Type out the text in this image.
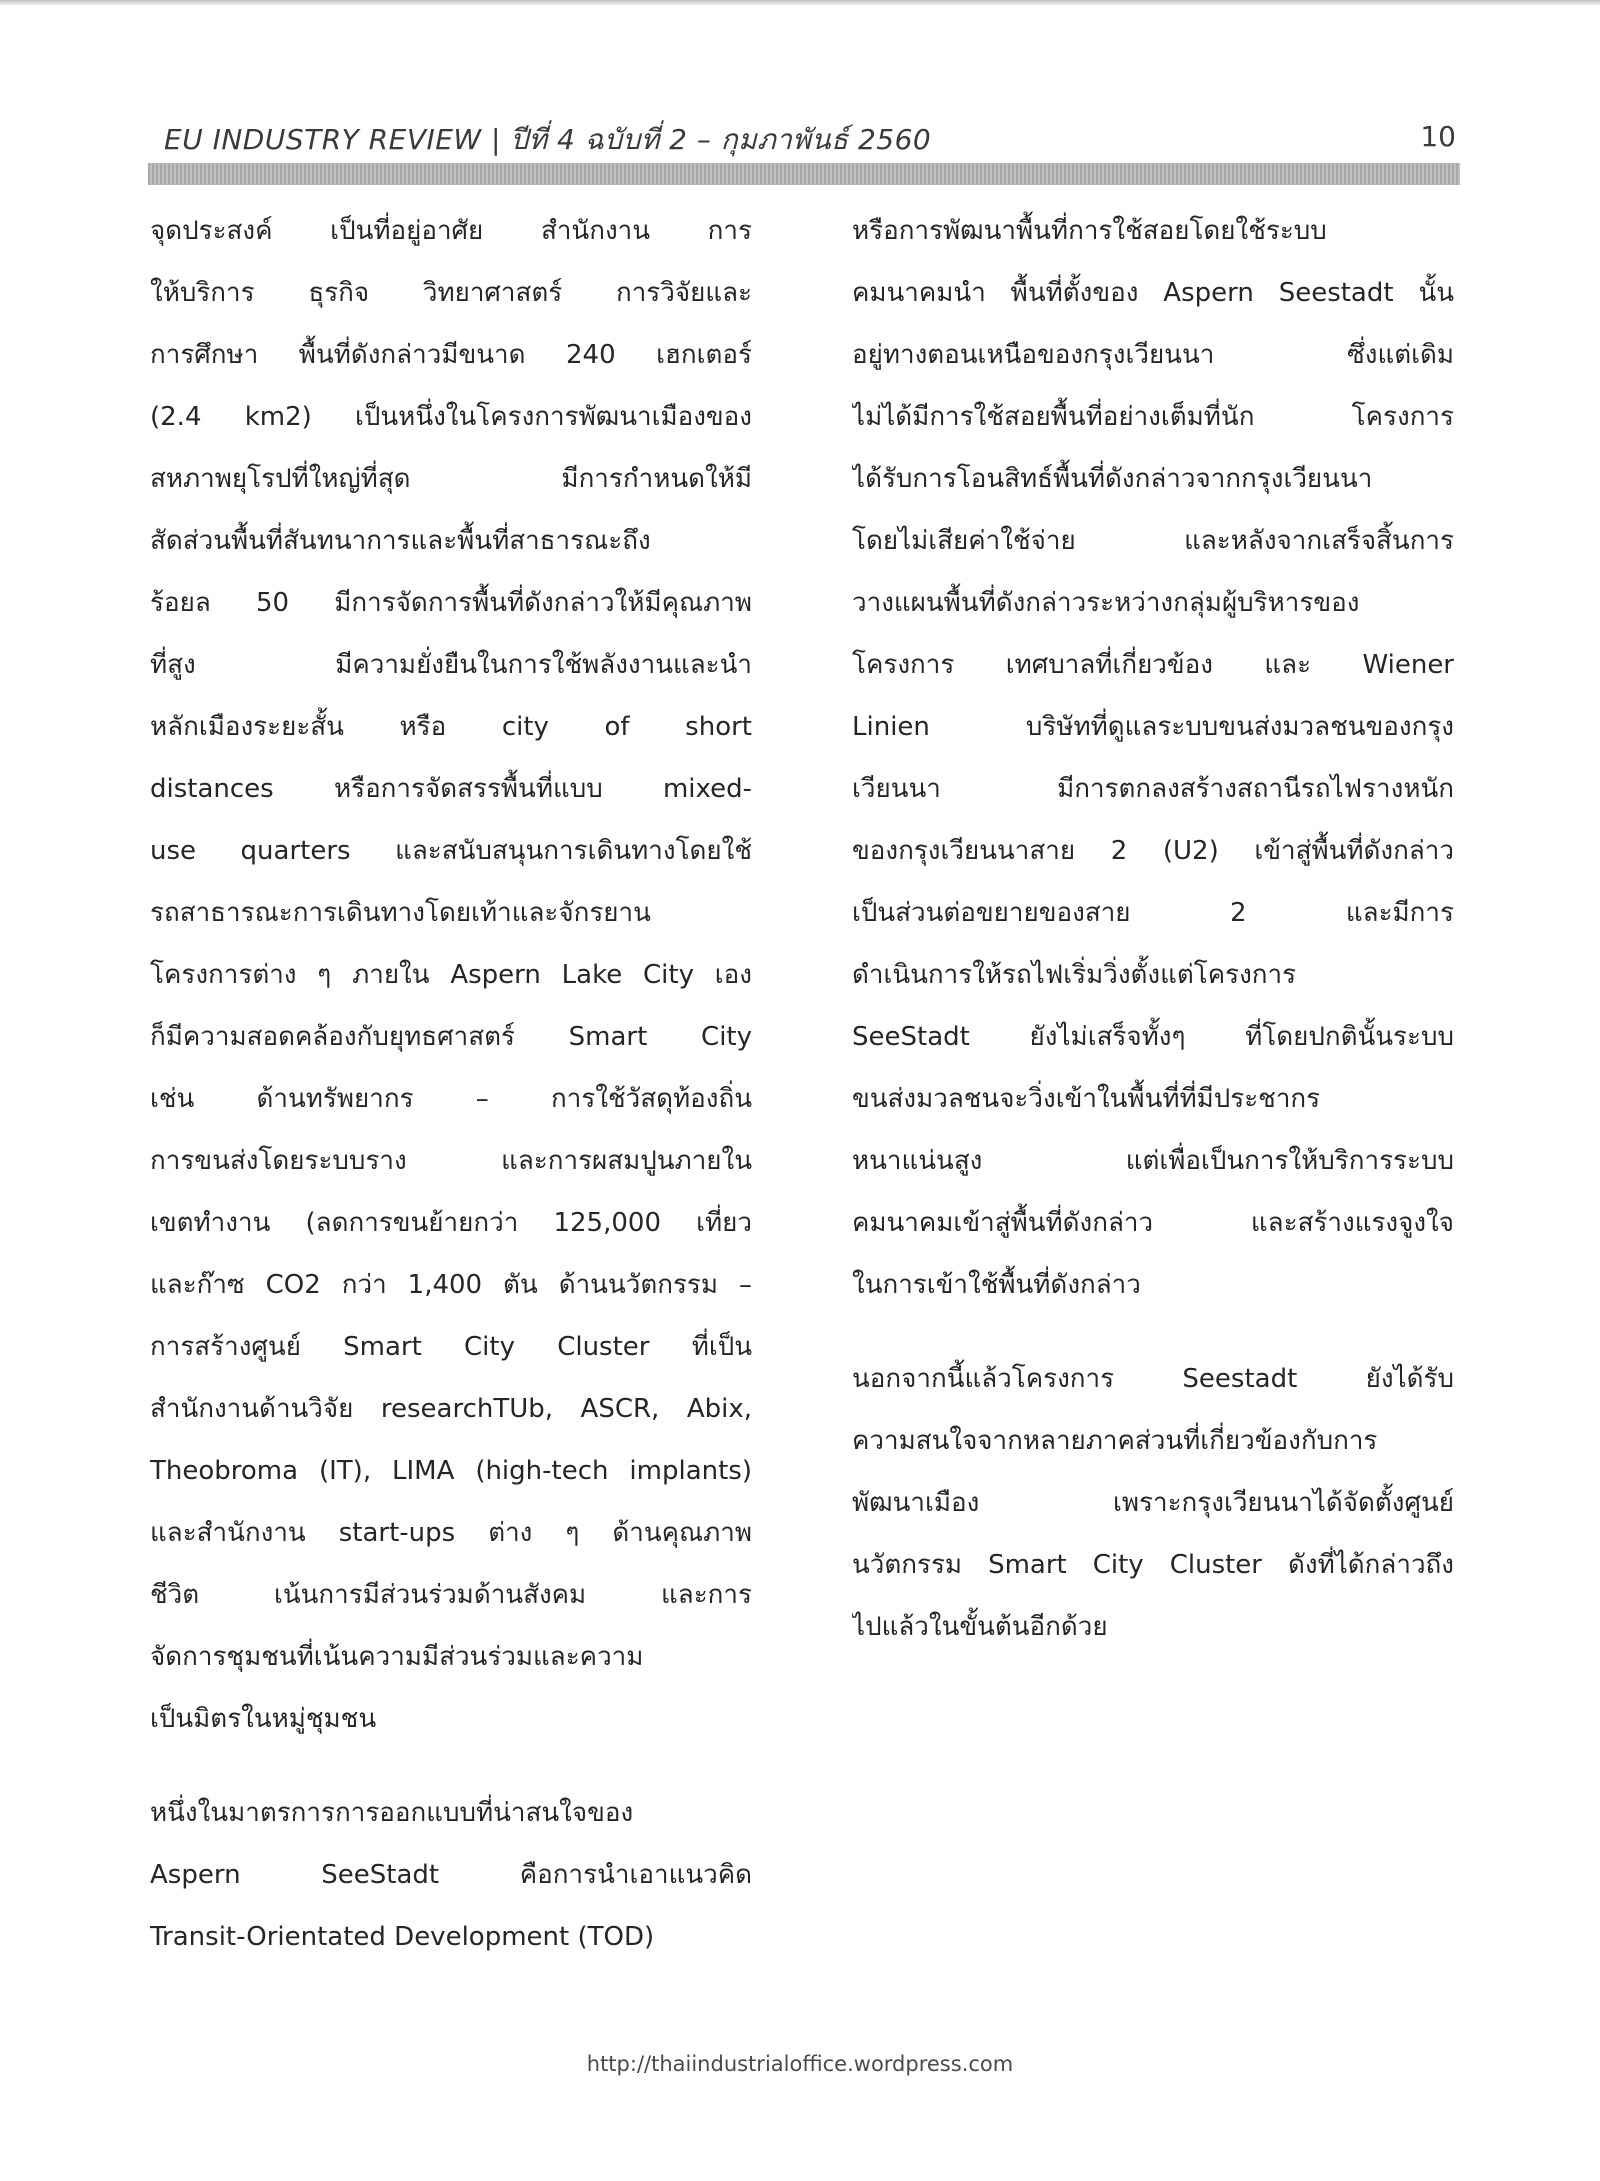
EU INDUSTRY REVIEW | ปีที่ 4 ฉบับที่ 2 – กุมภาพันธ์ 2560	10
จุดประสงค์ เป็นที่อยู่อาศัย สำนักงาน การ
ให้บริการ ธุรกิจ วิทยาศาสตร์ การวิจัยและ
การศึกษา พื้นที่ดังกล่าวมีขนาด 240 เฮกเตอร์
(2.4 km2) เป็นหนึ่งในโครงการพัฒนาเมืองของ
สหภาพยุโรปที่ใหญ่ที่สุด มีการกำหนดให้มี
สัดส่วนพื้นที่สันทนาการและพื้นที่สาธารณะถึง
ร้อยล 50 มีการจัดการพื้นที่ดังกล่าวให้มีคุณภาพ
ที่สูง มีความยั่งยืนในการใช้พลังงานและนำ
หลักเมืองระยะสั้น หรือ city of short
distances หรือการจัดสรรพื้นที่แบบ mixed-
use quarters และสนับสนุนการเดินทางโดยใช้
รถสาธารณะการเดินทางโดยเท้าและจักรยาน
โครงการต่าง ๆ ภายใน Aspern Lake City เอง
ก็มีความสอดคล้องกับยุทธศาสตร์ Smart City
เช่น ด้านทรัพยากร – การใช้วัสดุท้องถิ่น
การขนส่งโดยระบบราง และการผสมปูนภายใน
เขตทำงาน (ลดการขนย้ายกว่า 125,000 เที่ยว
และก๊าซ CO2 กว่า 1,400 ตัน ด้านนวัตกรรม –
การสร้างศูนย์ Smart City Cluster ที่เป็น
สำนักงานด้านวิจัย researchTUb, ASCR, Abix,
Theobroma (IT), LIMA (high-tech implants)
และสำนักงาน start-ups ต่าง ๆ ด้านคุณภาพ
ชีวิต เน้นการมีส่วนร่วมด้านสังคม และการ
จัดการชุมชนที่เน้นความมีส่วนร่วมและความ
เป็นมิตรในหมู่ชุมชน
หนึ่งในมาตรการการออกแบบที่น่าสนใจของ
Aspern SeeStadt คือการนำเอาแนวคิด
Transit-Orientated Development (TOD)
หรือการพัฒนาพื้นที่การใช้สอยโดยใช้ระบบ
คมนาคมนำ พื้นที่ตั้งของ Aspern Seestadt นั้น
อยู่ทางตอนเหนือของกรุงเวียนนา ซึ่งแต่เดิม
ไม่ได้มีการใช้สอยพื้นที่อย่างเต็มที่นัก โครงการ
ได้รับการโอนสิทธ์พื้นที่ดังกล่าวจากกรุงเวียนนา
โดยไม่เสียค่าใช้จ่าย และหลังจากเสร็จสิ้นการ
วางแผนพื้นที่ดังกล่าวระหว่างกลุ่มผู้บริหารของ
โครงการ เทศบาลที่เกี่ยวข้อง และ Wiener
Linien บริษัทที่ดูแลระบบขนส่งมวลชนของกรุง
เวียนนา มีการตกลงสร้างสถานีรถไฟรางหนัก
ของกรุงเวียนนาสาย 2 (U2) เข้าสู่พื้นที่ดังกล่าว
เป็นส่วนต่อขยายของสาย 2 และมีการ
ดำเนินการให้รถไฟเริ่มวิ่งตั้งแต่โครงการ
SeeStadt ยังไม่เสร็จทั้งๆ ที่โดยปกตินั้นระบบ
ขนส่งมวลชนจะวิ่งเข้าในพื้นที่ที่มีประชากร
หนาแน่นสูง แต่เพื่อเป็นการให้บริการระบบ
คมนาคมเข้าสู่พื้นที่ดังกล่าว และสร้างแรงจูงใจ
ในการเข้าใช้พื้นที่ดังกล่าว
นอกจากนี้แล้วโครงการ Seestadt ยังได้รับ
ความสนใจจากหลายภาคส่วนที่เกี่ยวข้องกับการ
พัฒนาเมือง เพราะกรุงเวียนนาได้จัดตั้งศูนย์
นวัตกรรม Smart City Cluster ดังที่ได้กล่าวถึง
ไปแล้วในขั้นต้นอีกด้วย
http://thaiindustrialoffice.wordpress.com
